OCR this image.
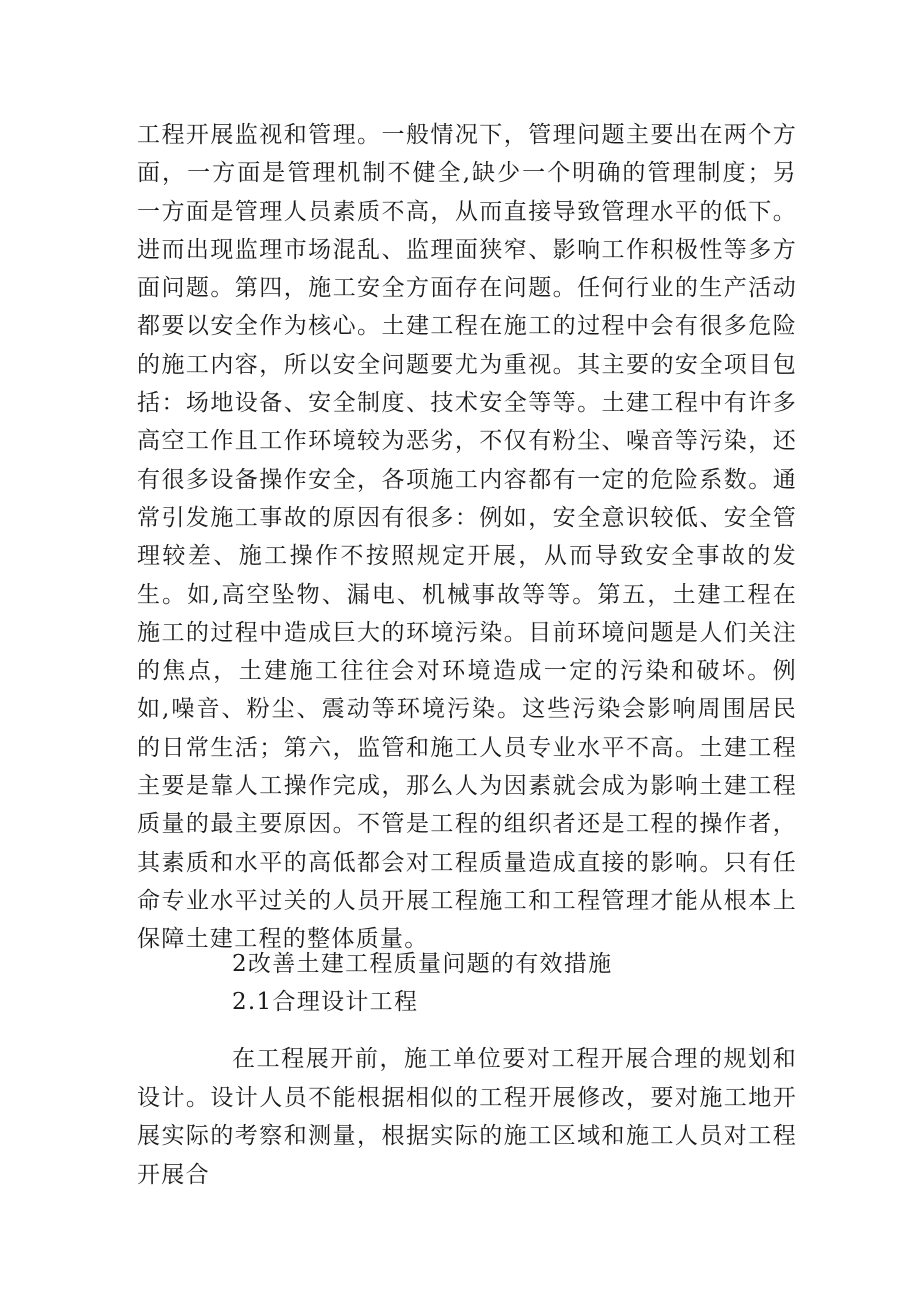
工程开展监视和管理。一般情况下，管理问题主要出在两个方面，一方面是管理机制不健全,缺少一个明确的管理制度；另一方面是管理人员素质不高，从而直接导致管理水平的低下。进而出现监理市场混乱、监理面狭窄、影响工作积极性等多方面问题。第四，施工安全方面存在问题。任何行业的生产活动都要以安全作为核心。土建工程在施工的过程中会有很多危险的施工内容，所以安全问题要尤为重视。其主要的安全项目包括：场地设备、安全制度、技术安全等等。土建工程中有许多高空工作且工作环境较为恶劣，不仅有粉尘、噪音等污染，还有很多设备操作安全，各项施工内容都有一定的危险系数。通常引发施工事故的原因有很多：例如，安全意识较低、安全管理较差、施工操作不按照规定开展，从而导致安全事故的发生。如,高空坠物、漏电、机械事故等等。第五，土建工程在施工的过程中造成巨大的环境污染。目前环境问题是人们关注的焦点，土建施工往往会对环境造成一定的污染和破坏。例如,噪音、粉尘、震动等环境污染。这些污染会影响周围居民的日常生活；第六，监管和施工人员专业水平不高。土建工程主要是靠人工操作完成，那么人为因素就会成为影响土建工程质量的最主要原因。不管是工程的组织者还是工程的操作者，其素质和水平的高低都会对工程质量造成直接的影响。只有任命专业水平过关的人员开展工程施工和工程管理才能从根本上保障土建工程的整体质量。

2改善土建工程质量问题的有效措施

2.1合理设计工程

在工程展开前，施工单位要对工程开展合理的规划和设计。设计人员不能根据相似的工程开展修改，要对施工地开展实际的考察和测量，根据实际的施工区域和施工人员对工程开展合
